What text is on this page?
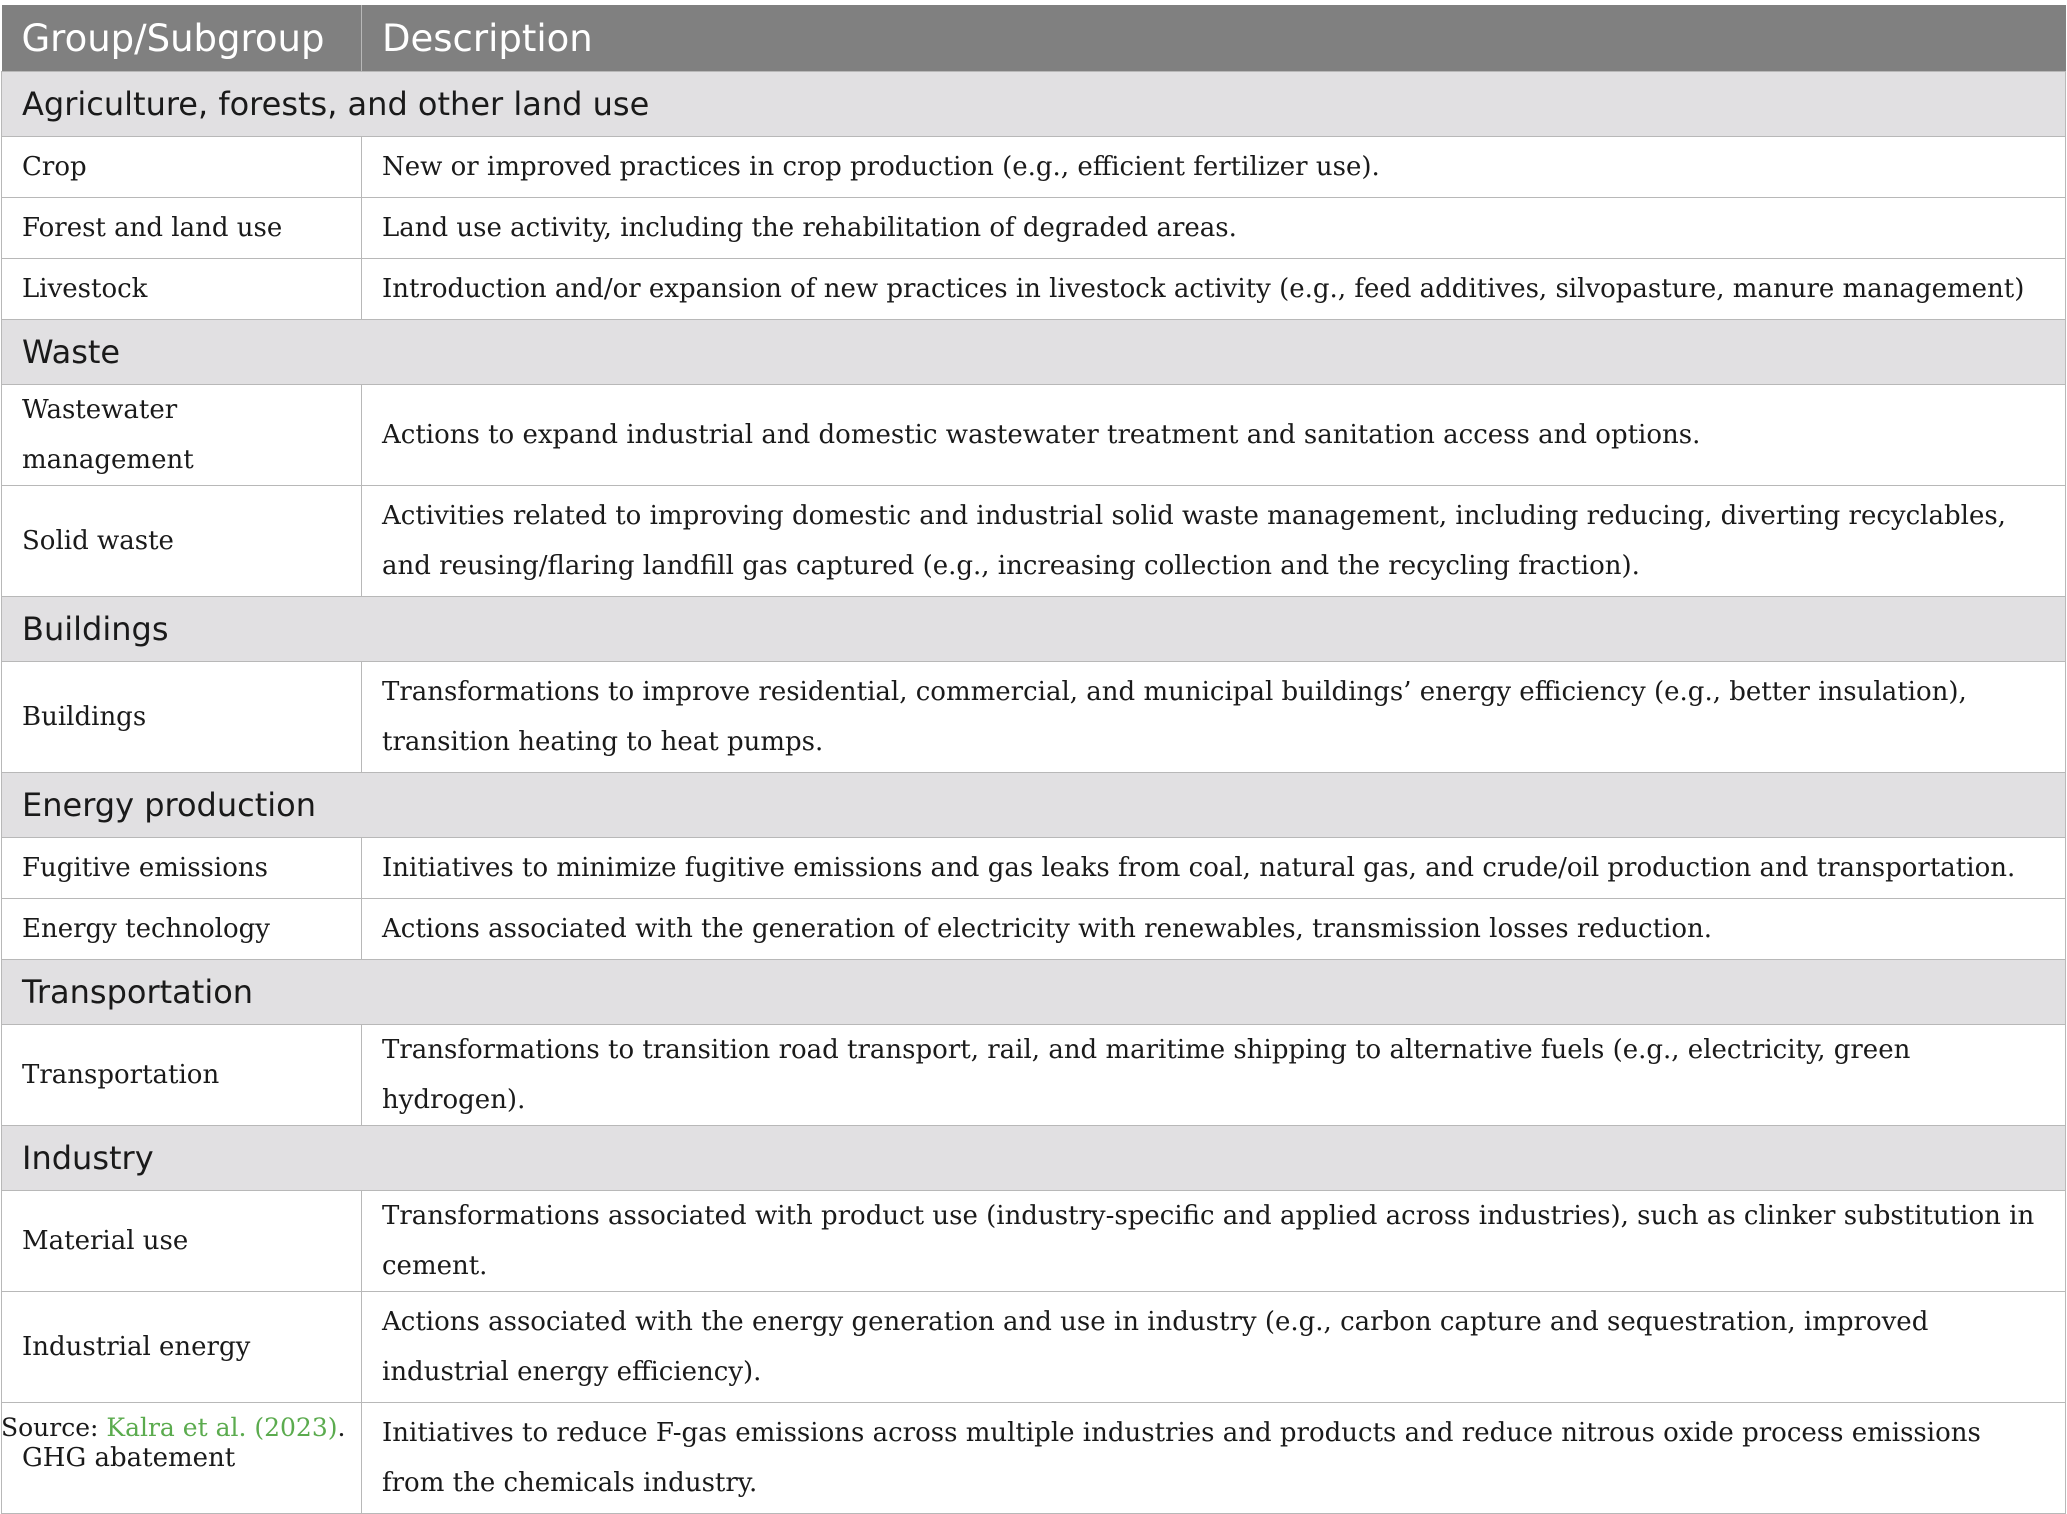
Group/Subgroup	Description
Agriculture, forests, and other land use	
Crop	New or improved practices in crop production (e.g., efficient fertilizer use).
Forest and land use	Land use activity, including the rehabilitation of degraded areas.
Livestock	Introduction and/or expansion of new practices in livestock activity (e.g., feed additives, silvopasture, manure management)
Waste	
Wastewater management	Actions to expand industrial and domestic wastewater treatment and sanitation access and options.
Solid waste	Activities related to improving domestic and industrial solid waste management, including reducing, diverting recyclables, and reusing/flaring landfill gas captured (e.g., increasing collection and the recycling fraction).
Buildings	
Buildings	Transformations to improve residential, commercial, and municipal buildings’ energy efficiency (e.g., better insulation), transition heating to heat pumps.
Energy production	
Fugitive emissions	Initiatives to minimize fugitive emissions and gas leaks from coal, natural gas, and crude/oil production and transportation.
Energy technology	Actions associated with the generation of electricity with renewables, transmission losses reduction.
Transportation	
Transportation	Transformations to transition road transport, rail, and maritime shipping to alternative fuels (e.g., electricity, green hydrogen).
Industry	
Material use	Transformations associated with product use (industry-specific and applied across industries), such as clinker substitution in cement.
Industrial energy	Actions associated with the energy generation and use in industry (e.g., carbon capture and sequestration, improved industrial energy efficiency).
GHG abatement	Initiatives to reduce F-gas emissions across multiple industries and products and reduce nitrous oxide process emissions from the chemicals industry.
Source: Kalra et al. (2023).
